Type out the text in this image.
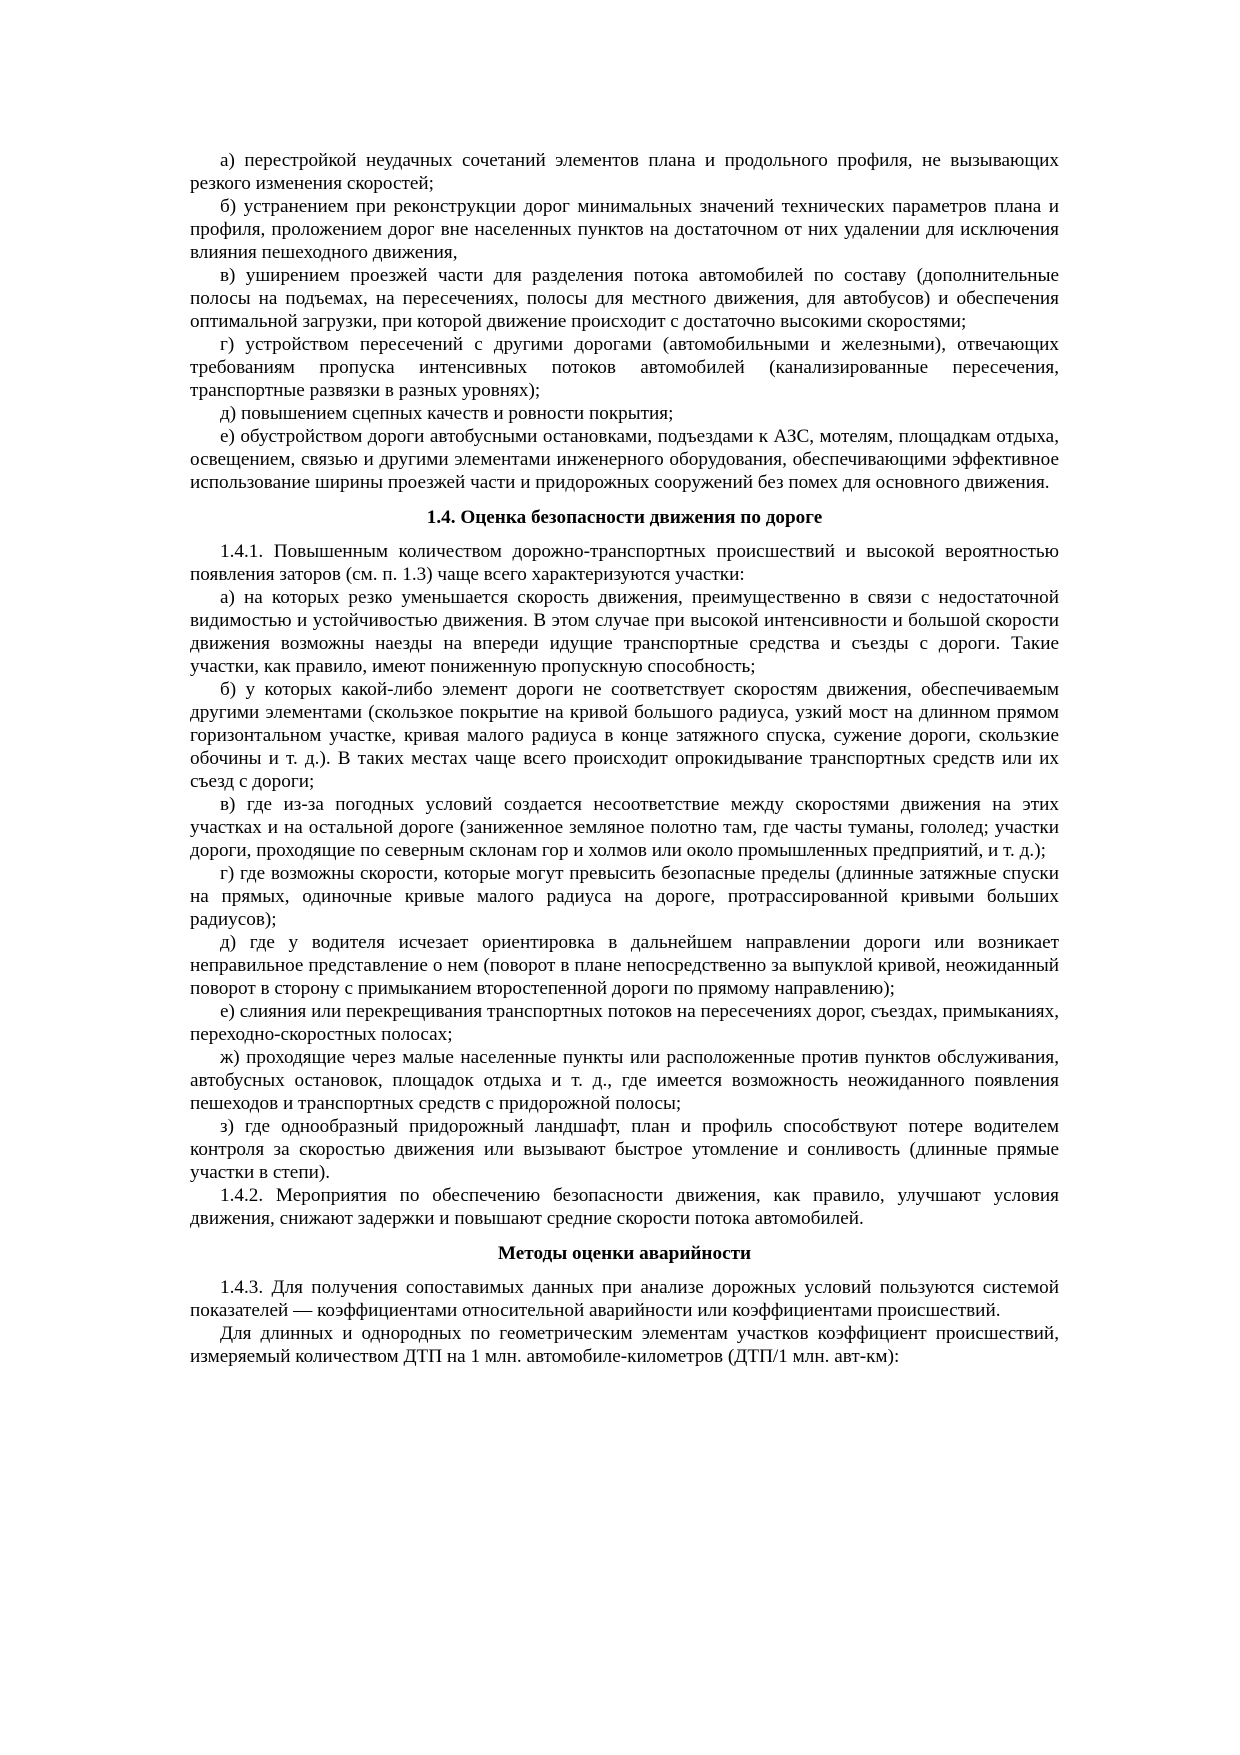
а) перестройкой неудачных сочетаний элементов плана и продольного профиля, не вызывающих резкого изменения скоростей;

б) устранением при реконструкции дорог минимальных значений технических параметров плана и профиля, проложением дорог вне населенных пунктов на достаточном от них удалении для исключения влияния пешеходного движения,

в) уширением проезжей части для разделения потока автомобилей по составу (дополнительные полосы на подъемах, на пересечениях, полосы для местного движения, для автобусов) и обеспечения оптимальной загрузки, при которой движение происходит с достаточно высокими скоростями;

г) устройством пересечений с другими дорогами (автомобильными и железными), отвечающих требованиям пропуска интенсивных потоков автомобилей (канализированные пересечения, транспортные развязки в разных уровнях);

д) повышением сцепных качеств и ровности покрытия;

е) обустройством дороги автобусными остановками, подъездами к АЗС, мотелям, площадкам отдыха, освещением, связью и другими элементами инженерного оборудования, обеспечивающими эффективное использование ширины проезжей части и придорожных сооружений без помех для основного движения.

1.4. Оценка безопасности движения по дороге

1.4.1. Повышенным количеством дорожно-транспортных происшествий и высокой вероятностью появления заторов (см. п. 1.3) чаще всего характеризуются участки:

а) на которых резко уменьшается скорость движения, преимущественно в связи с недостаточной видимостью и устойчивостью движения. В этом случае при высокой интенсивности и большой скорости движения возможны наезды на впереди идущие транспортные средства и съезды с дороги. Такие участки, как правило, имеют пониженную пропускную способность;

б) у которых какой-либо элемент дороги не соответствует скоростям движения, обеспечиваемым другими элементами (скользкое покрытие на кривой большого радиуса, узкий мост на длинном прямом горизонтальном участке, кривая малого радиуса в конце затяжного спуска, сужение дороги, скользкие обочины и т. д.). В таких местах чаще всего происходит опрокидывание транспортных средств или их съезд с дороги;

в) где из-за погодных условий создается несоответствие между скоростями движения на этих участках и на остальной дороге (заниженное земляное полотно там, где часты туманы, гололед; участки дороги, проходящие по северным склонам гор и холмов или около промышленных предприятий, и т. д.);

г) где возможны скорости, которые могут превысить безопасные пределы (длинные затяжные спуски на прямых, одиночные кривые малого радиуса на дороге, протрассированной кривыми больших радиусов);

д) где у водителя исчезает ориентировка в дальнейшем направлении дороги или возникает неправильное представление о нем (поворот в плане непосредственно за выпуклой кривой, неожиданный поворот в сторону с примыканием второстепенной дороги по прямому направлению);

е) слияния или перекрещивания транспортных потоков на пересечениях дорог, съездах, примыканиях, переходно-скоростных полосах;

ж) проходящие через малые населенные пункты или расположенные против пунктов обслуживания, автобусных остановок, площадок отдыха и т. д., где имеется возможность неожиданного появления пешеходов и транспортных средств с придорожной полосы;

з) где однообразный придорожный ландшафт, план и профиль способствуют потере водителем контроля за скоростью движения или вызывают быстрое утомление и сонливость (длинные прямые участки в степи).

1.4.2. Мероприятия по обеспечению безопасности движения, как правило, улучшают условия движения, снижают задержки и повышают средние скорости потока автомобилей.

Методы оценки аварийности

1.4.3. Для получения сопоставимых данных при анализе дорожных условий пользуются системой показателей — коэффициентами относительной аварийности или коэффициентами происшествий.

Для длинных и однородных по геометрическим элементам участков коэффициент происшествий, измеряемый количеством ДТП на 1 млн. автомобиле-километров (ДТП/1 млн. авт-км):
